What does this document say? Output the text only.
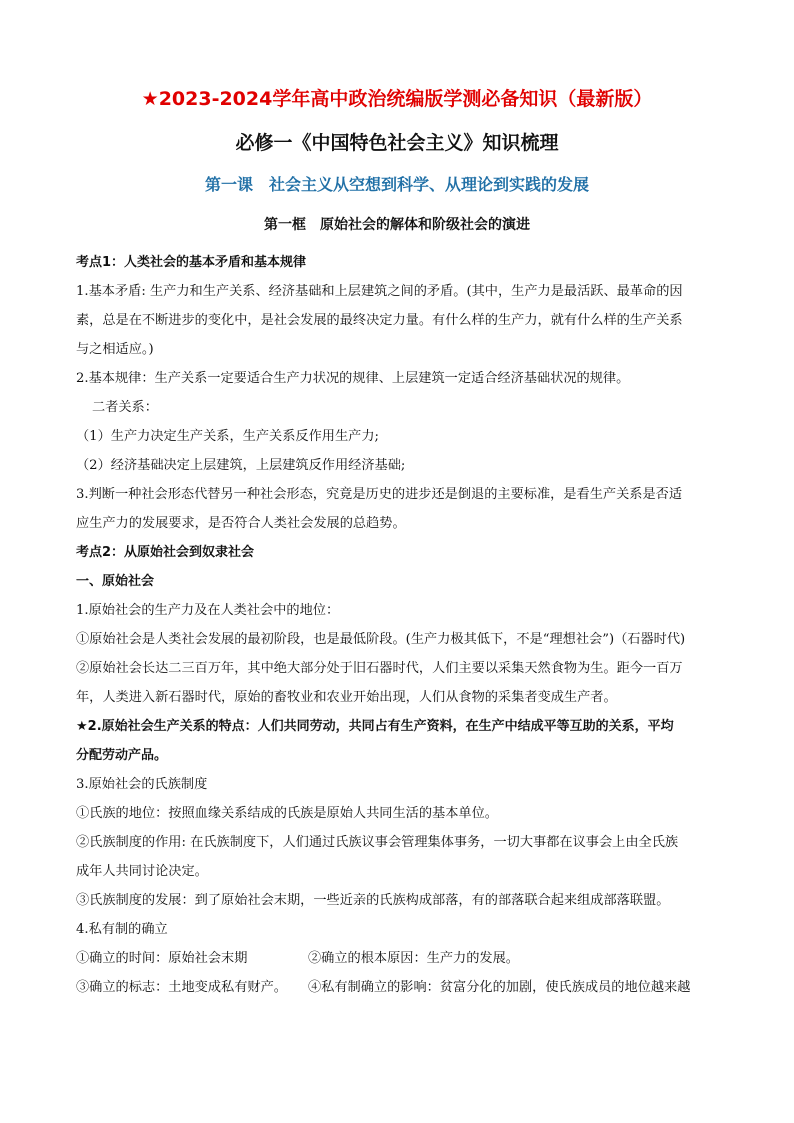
★2023-2024学年高中政治统编版学测必备知识（最新版）
必修一《中国特色社会主义》知识梳理
第一课　社会主义从空想到科学、从理论到实践的发展
第一框　原始社会的解体和阶级社会的演进

考点1：人类社会的基本矛盾和基本规律

1.基本矛盾: 生产力和生产关系、经济基础和上层建筑之间的矛盾。(其中，生产力是最活跃、最革命的因

素，总是在不断进步的变化中，是社会发展的最终决定力量。有什么样的生产力，就有什么样的生产关系

与之相适应。)

2.基本规律：生产关系一定要适合生产力状况的规律、上层建筑一定适合经济基础状况的规律。

二者关系：

（1）生产力决定生产关系，生产关系反作用生产力;

（2）经济基础决定上层建筑，上层建筑反作用经济基础;

3.判断一种社会形态代替另一种社会形态，究竟是历史的进步还是倒退的主要标准，是看生产关系是否适

应生产力的发展要求，是否符合人类社会发展的总趋势。

考点2：从原始社会到奴隶社会

一、原始社会

1.原始社会的生产力及在人类社会中的地位：

①原始社会是人类社会发展的最初阶段，也是最低阶段。(生产力极其低下，不是“理想社会”)（石器时代)

②原始社会长达二三百万年，其中绝大部分处于旧石器时代，人们主要以采集天然食物为生。距今一百万

年，人类进入新石器时代，原始的畜牧业和农业开始出现，人们从食物的采集者变成生产者。

★2.原始社会生产关系的特点：人们共同劳动，共同占有生产资料，在生产中结成平等互助的关系，平均

分配劳动产品。

3.原始社会的氏族制度

①氏族的地位：按照血缘关系结成的氏族是原始人共同生活的基本单位。

②氏族制度的作用: 在氏族制度下，人们通过氏族议事会管理集体事务，一切大事都在议事会上由全氏族

成年人共同讨论决定。

③氏族制度的发展：到了原始社会末期，一些近亲的氏族构成部落，有的部落联合起来组成部落联盟。

4.私有制的确立

①确立的时间：原始社会末期	②确立的根本原因：生产力的发展。
③确立的标志：土地变成私有财产。	④私有制确立的影响：贫富分化的加剧，使氏族成员的地位越来越
